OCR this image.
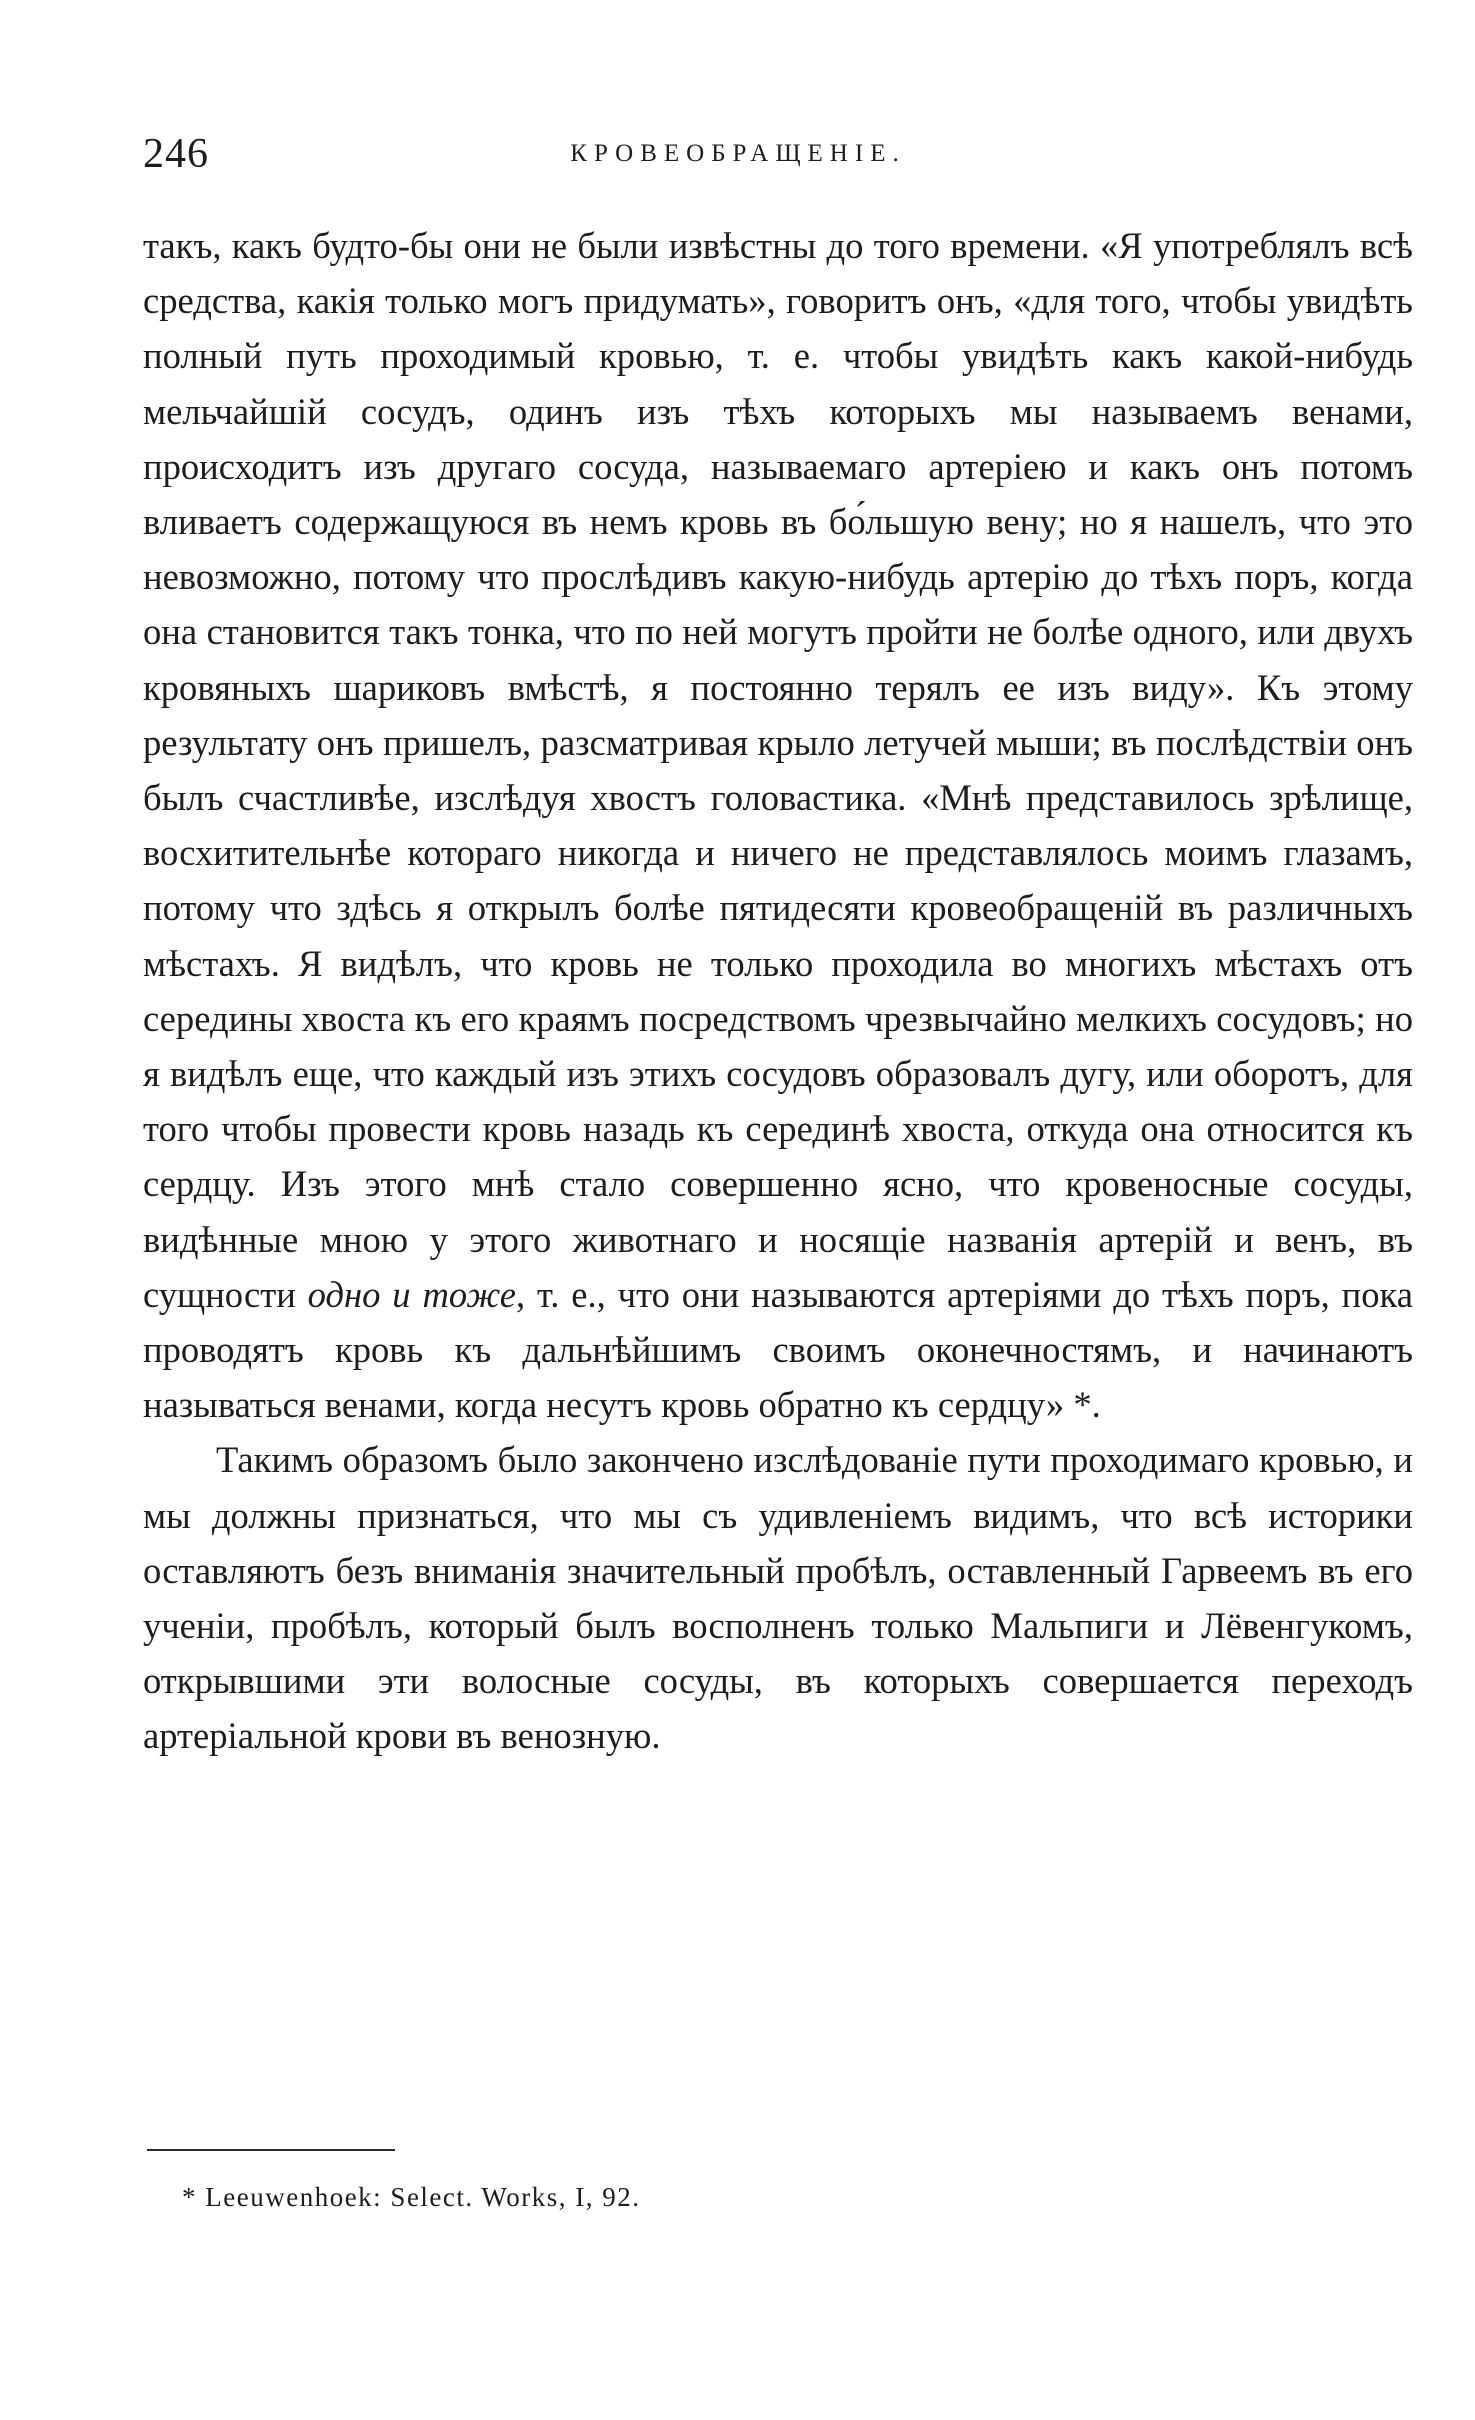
246	КРОВЕОБРАЩЕНІЕ.

такъ, какъ будто-бы они не были извѣстны до того времени. «Я употреблялъ всѣ средства, какія только могъ придумать», говоритъ онъ, «для того, чтобы увидѣть полный путь проходимый кровью, т. е. чтобы увидѣть какъ какой-нибудь мельчайшій сосудъ, одинъ изъ тѣхъ которыхъ мы называемъ венами, происходитъ изъ другаго сосуда, называемаго артеріею и какъ онъ потомъ вливаетъ содержащуюся въ немъ кровь въ бо́льшую вену; но я нашелъ, что это невозможно, потому что прослѣдивъ какую-нибудь артерію до тѣхъ поръ, когда она становится такъ тонка, что по ней могутъ пройти не болѣе одного, или двухъ кровяныхъ шариковъ вмѣстѣ, я постоянно терялъ ее изъ виду». Къ этому результату онъ пришелъ, разсматривая крыло летучей мыши; въ послѣдствіи онъ былъ счастливѣе, изслѣдуя хвостъ головастика. «Мнѣ представилось зрѣлище, восхитительнѣе котораго никогда и ничего не представлялось моимъ глазамъ, потому что здѣсь я открылъ болѣе пятидесяти кровеобращеній въ различныхъ мѣстахъ. Я видѣлъ, что кровь не только проходила во многихъ мѣстахъ отъ середины хвоста къ его краямъ посредствомъ чрезвычайно мелкихъ сосудовъ; но я видѣлъ еще, что каждый изъ этихъ сосудовъ образовалъ дугу, или оборотъ, для того чтобы провести кровь назадь къ серединѣ хвоста, откуда она относится къ сердцу. Изъ этого мнѣ стало совершенно ясно, что кровеносные сосуды, видѣнные мною у этого животнаго и носящіе названія артерій и венъ, въ сущности одно и тоже, т. е., что они называются артеріями до тѣхъ поръ, пока проводятъ кровь къ дальнѣйшимъ своимъ оконечностямъ, и начинаютъ называться венами, когда несутъ кровь обратно къ сердцу» *.

Такимъ образомъ было закончено изслѣдованіе пути проходимаго кровью, и мы должны признаться, что мы съ удивленіемъ видимъ, что всѣ историки оставляютъ безъ вниманія значительный пробѣлъ, оставленный Гарвеемъ въ его ученіи, пробѣлъ, который былъ восполненъ только Мальпиги и Лёвенгукомъ, открывшими эти волосные сосуды, въ которыхъ совершается переходъ артеріальной крови въ венозную.

* Leeuwenhoek: Select. Works, I, 92.
